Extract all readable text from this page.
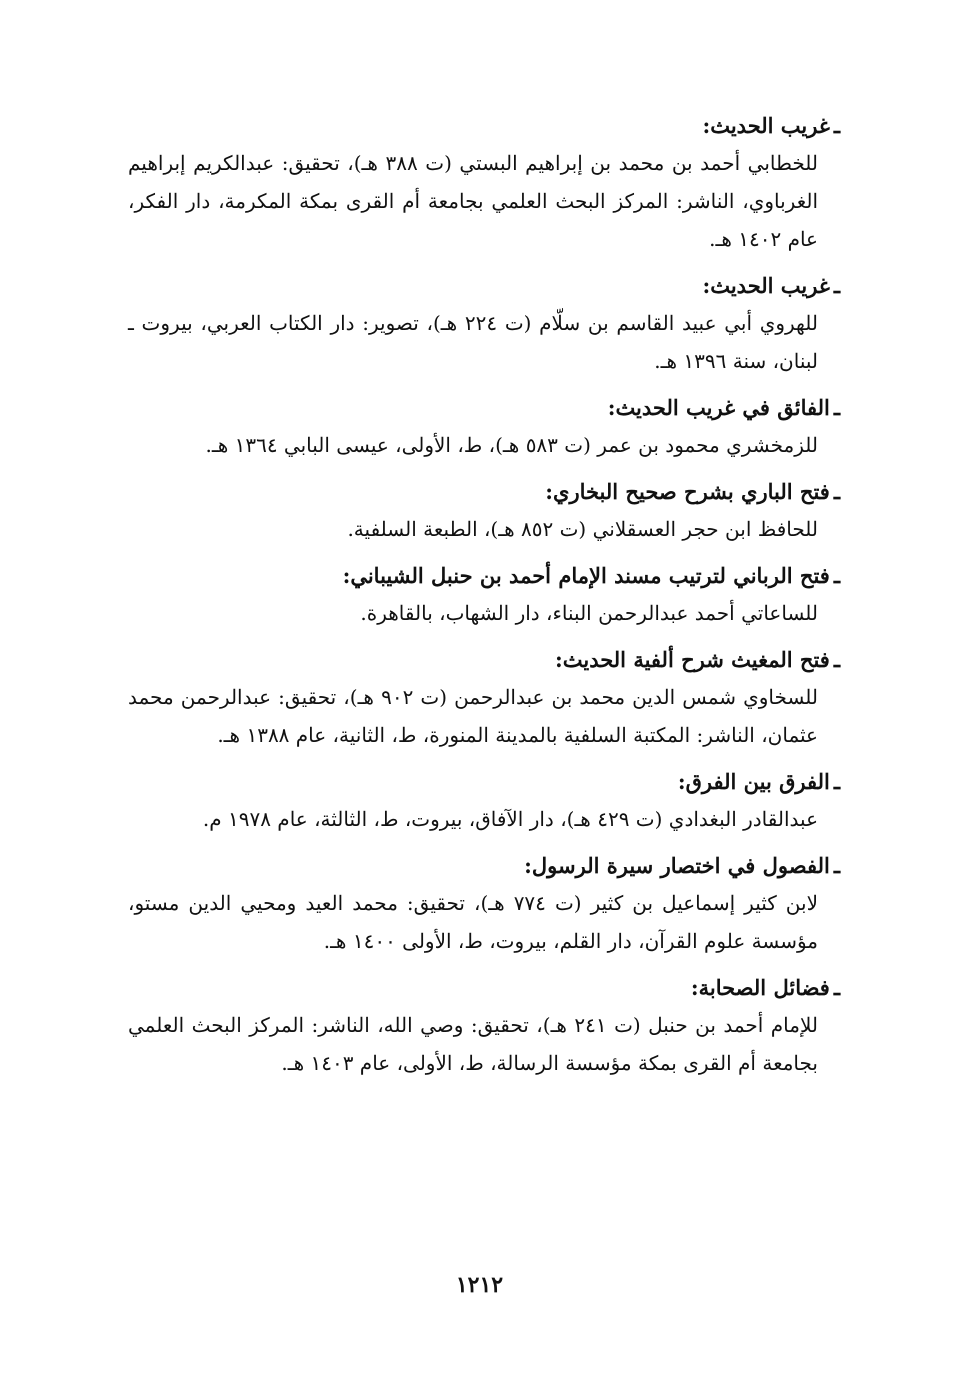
ـغريب الحديث:
للخطابي أحمد بن محمد بن إبراهيم البستي (ت ٣٨٨ هـ)، تحقيق: عبدالكريم إبراهيم الغرباوي، الناشر: المركز البحث العلمي بجامعة أم القرى بمكة المكرمة، دار الفكر، عام ١٤٠٢ هـ.
ـغريب الحديث:
للهروي أبي عبيد القاسم بن سلّام (ت ٢٢٤ هـ)، تصوير: دار الكتاب العربي، بيروت ـ لبنان، سنة ١٣٩٦ هـ.
ـالفائق في غريب الحديث:
للزمخشري محمود بن عمر (ت ٥٨٣ هـ)، ط، الأولى، عيسى البابي ١٣٦٤ هـ.
ـفتح الباري بشرح صحيح البخاري:
للحافظ ابن حجر العسقلاني (ت ٨٥٢ هـ)، الطبعة السلفية.
ـفتح الرباني لترتيب مسند الإمام أحمد بن حنبل الشيباني:
للساعاتي أحمد عبدالرحمن البناء، دار الشهاب، بالقاهرة.
ـفتح المغيث شرح ألفية الحديث:
للسخاوي شمس الدين محمد بن عبدالرحمن (ت ٩٠٢ هـ)، تحقيق: عبدالرحمن محمد عثمان، الناشر: المكتبة السلفية بالمدينة المنورة، ط، الثانية، عام ١٣٨٨ هـ.
ـالفرق بين الفرق:
عبدالقادر البغدادي (ت ٤٢٩ هـ)، دار الآفاق، بيروت، ط، الثالثة، عام ١٩٧٨ م.
ـالفصول في اختصار سيرة الرسول:
لابن كثير إسماعيل بن كثير (ت ٧٧٤ هـ)، تحقيق: محمد العيد ومحيي الدين مستو، مؤسسة علوم القرآن، دار القلم، بيروت، ط، الأولى ١٤٠٠ هـ.
ـفضائل الصحابة:
للإمام أحمد بن حنبل (ت ٢٤١ هـ)، تحقيق: وصي الله، الناشر: المركز البحث العلمي بجامعة أم القرى بمكة مؤسسة الرسالة، ط، الأولى، عام ١٤٠٣ هـ.
١٢١٢
